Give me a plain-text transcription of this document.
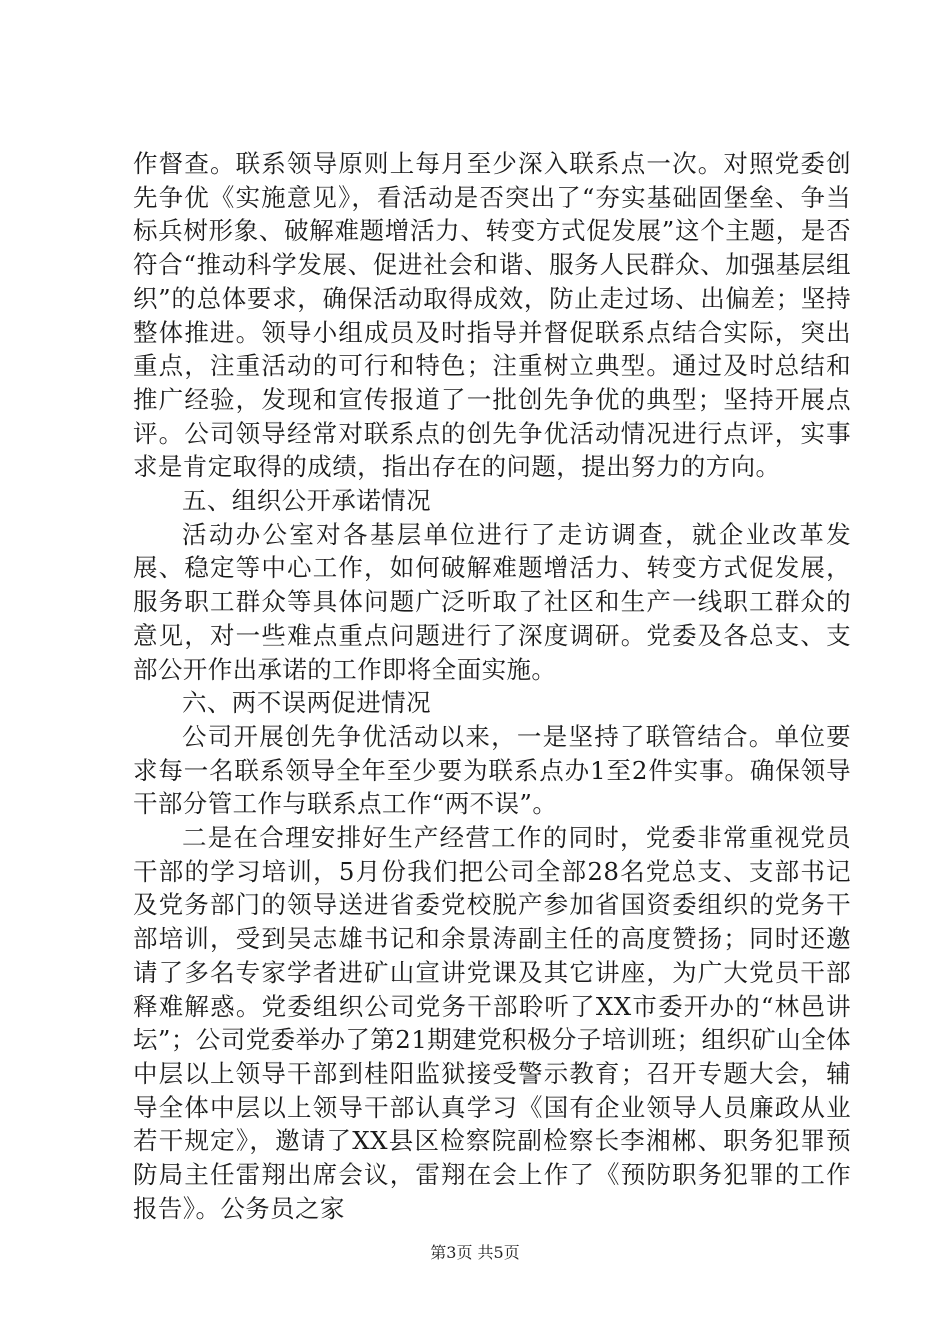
作督查。联系领导原则上每月至少深入联系点一次。对照党委创先争优《实施意见》，看活动是否突出了“夯实基础固堡垒、争当标兵树形象、破解难题增活力、转变方式促发展”这个主题，是否符合“推动科学发展、促进社会和谐、服务人民群众、加强基层组织”的总体要求，确保活动取得成效，防止走过场、出偏差；坚持整体推进。领导小组成员及时指导并督促联系点结合实际，突出重点，注重活动的可行和特色；注重树立典型。通过及时总结和推广经验，发现和宣传报道了一批创先争优的典型；坚持开展点评。公司领导经常对联系点的创先争优活动情况进行点评，实事求是肯定取得的成绩，指出存在的问题，提出努力的方向。

五、组织公开承诺情况

活动办公室对各基层单位进行了走访调查，就企业改革发展、稳定等中心工作，如何破解难题增活力、转变方式促发展，服务职工群众等具体问题广泛听取了社区和生产一线职工群众的意见，对一些难点重点问题进行了深度调研。党委及各总支、支部公开作出承诺的工作即将全面实施。

六、两不误两促进情况

公司开展创先争优活动以来，一是坚持了联管结合。单位要求每一名联系领导全年至少要为联系点办1至2件实事。确保领导干部分管工作与联系点工作“两不误”。

二是在合理安排好生产经营工作的同时，党委非常重视党员干部的学习培训，5月份我们把公司全部28名党总支、支部书记及党务部门的领导送进省委党校脱产参加省国资委组织的党务干部培训，受到吴志雄书记和余景涛副主任的高度赞扬；同时还邀请了多名专家学者进矿山宣讲党课及其它讲座，为广大党员干部释难解惑。党委组织公司党务干部聆听了XX市委开办的“林邑讲坛”；公司党委举办了第21期建党积极分子培训班；组织矿山全体中层以上领导干部到桂阳监狱接受警示教育；召开专题大会，辅导全体中层以上领导干部认真学习《国有企业领导人员廉政从业若干规定》，邀请了XX县区检察院副检察长李湘郴、职务犯罪预防局主任雷翔出席会议，雷翔在会上作了《预防职务犯罪的工作报告》。公务员之家

第3页 共5页
